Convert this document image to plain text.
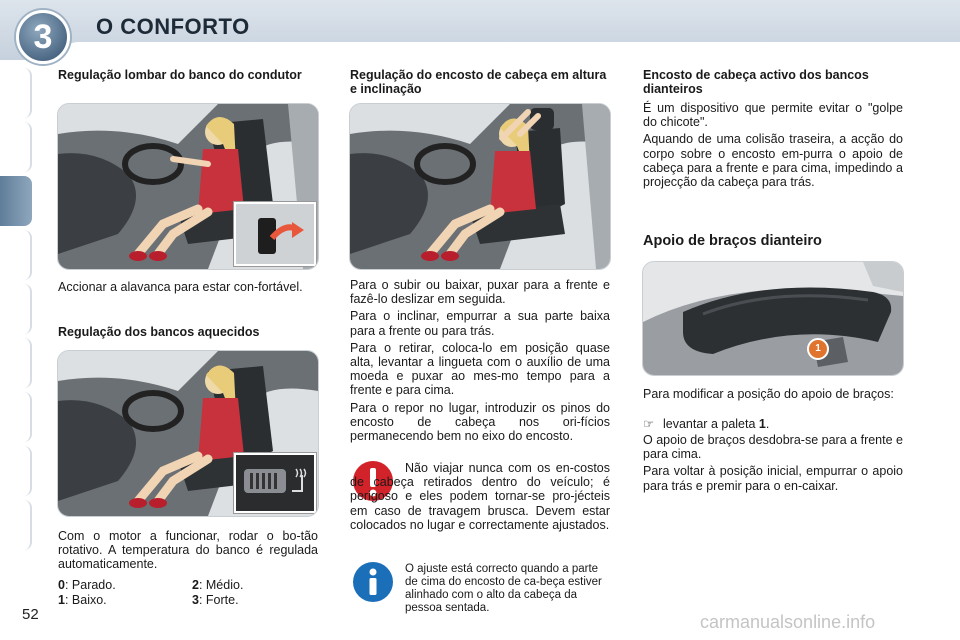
3	O CONFORTO
Regulação lombar do banco do condutor
Accionar a alavanca para estar con-fortável.
Regulação dos bancos aquecidos
Com o motor a funcionar, rodar o bo-tão rotativo. A temperatura do banco é regulada automaticamente.
0: Parado.
1: Baixo.
2: Médio.
3: Forte.
Regulação do encosto de cabeça em altura e inclinação

Para o subir ou baixar, puxar para a frente e fazê-lo deslizar em seguida.

Para o inclinar, empurrar a sua parte baixa para a frente ou para trás.

Para o retirar, coloca-lo em posição quase alta, levantar a lingueta com o auxílio de uma moeda e puxar ao mes-mo tempo para a frente e para cima.

Para o repor no lugar, introduzir os pinos do encosto de cabeça nos ori-fícios permanecendo bem no eixo do encosto.

Não viajar nunca com os en-costos de cabeça retirados dentro do veículo; é perigoso e eles podem tornar-se pro-jécteis em caso de travagem brusca. Devem estar colocados no lugar e correctamente ajustados.
O ajuste está correcto quando a parte de cima do encosto de ca-beça estiver alinhado com o alto da cabeça da pessoa sentada.
Encosto de cabeça activo dos bancos dianteiros

É um dispositivo que permite evitar o "golpe do chicote".

Aquando de uma colisão traseira, a acção do corpo sobre o encosto em-purra o apoio de cabeça para a frente e para cima, impedindo a projecção da cabeça para trás.

Apoio de braços dianteiro
1
Para modificar a posição do apoio de braços:
☞ levantar a paleta 1.

O apoio de braços desdobra-se para a frente e para cima.

Para voltar à posição inicial, empurrar o apoio para trás e premir para o en-caixar.

52	carmanualsonline.info
